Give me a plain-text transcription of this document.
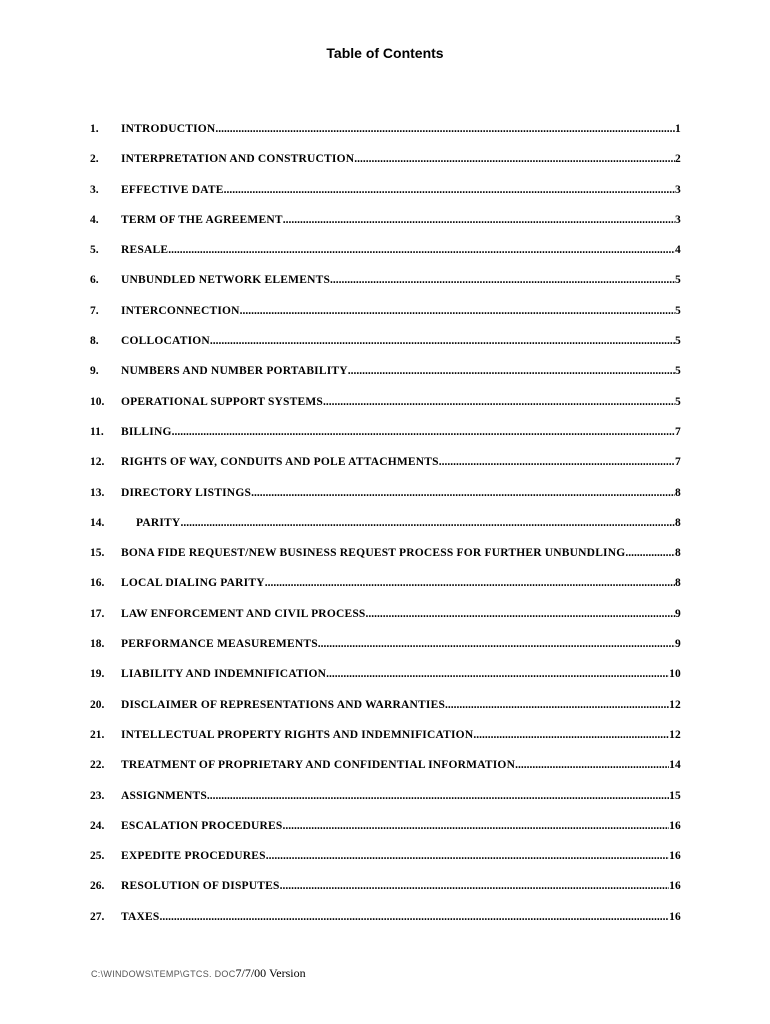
Table of Contents
1. INTRODUCTION .....	1
2. INTERPRETATION AND CONSTRUCTION .....	2
3. EFFECTIVE DATE .....	3
4. TERM OF THE AGREEMENT .....	3
5. RESALE .....	4
6. UNBUNDLED NETWORK ELEMENTS .....	5
7. INTERCONNECTION .....	5
8. COLLOCATION .....	5
9. NUMBERS AND NUMBER PORTABILITY .....	5
10. OPERATIONAL SUPPORT SYSTEMS .....	5
11. BILLING .....	7
12. RIGHTS OF WAY, CONDUITS AND POLE ATTACHMENTS .....	7
13. DIRECTORY LISTINGS .....	8
14.	PARITY .....	8
15. BONA FIDE REQUEST/NEW BUSINESS REQUEST PROCESS FOR FURTHER UNBUNDLING .....	8
16. LOCAL DIALING PARITY .....	8
17. LAW ENFORCEMENT AND CIVIL PROCESS .....	9
18. PERFORMANCE MEASUREMENTS .....	9
19. LIABILITY AND INDEMNIFICATION .....	10
20. DISCLAIMER OF REPRESENTATIONS AND WARRANTIES .....	12
21. INTELLECTUAL PROPERTY RIGHTS AND INDEMNIFICATION .....	12
22. TREATMENT OF PROPRIETARY AND CONFIDENTIAL INFORMATION .....	14
23. ASSIGNMENTS .....	15
24. ESCALATION PROCEDURES .....	16
25. EXPEDITE PROCEDURES .....	16
26. RESOLUTION OF DISPUTES .....	16
27. TAXES .....	16
C:\WINDOWS\TEMP\GTCS. DOC7/7/00 Version
